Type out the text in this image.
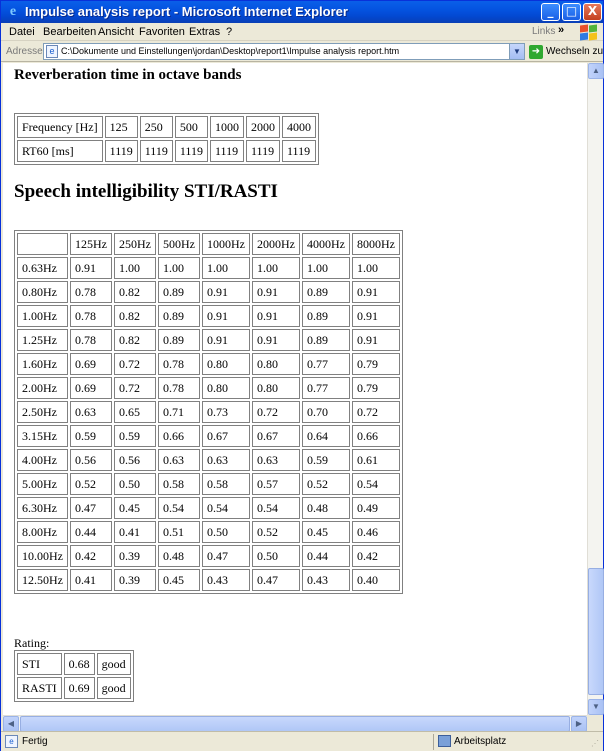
e Impulse analysis report - Microsoft Internet Explorer	_	□ X
Datei Bearbeiten Ansicht Favoriten Extras ?	Links »
Adresse e C:\Dokumente und Einstellungen\jordan\Desktop\report1\Impulse analysis report.htm	▼	➜ Wechseln zu
Reverberation time in octave bands
Frequency [Hz]	125	250	500	1000	2000	4000
RT60 [ms]	1119	1119	1119	1119	1119	1119
Speech intelligibility STI/RASTI
	125Hz	250Hz	500Hz	1000Hz	2000Hz	4000Hz	8000Hz
0.63Hz	0.91	1.00	1.00	1.00	1.00	1.00	1.00
0.80Hz	0.78	0.82	0.89	0.91	0.91	0.89	0.91
1.00Hz	0.78	0.82	0.89	0.91	0.91	0.89	0.91
1.25Hz	0.78	0.82	0.89	0.91	0.91	0.89	0.91
1.60Hz	0.69	0.72	0.78	0.80	0.80	0.77	0.79
2.00Hz	0.69	0.72	0.78	0.80	0.80	0.77	0.79
2.50Hz	0.63	0.65	0.71	0.73	0.72	0.70	0.72
3.15Hz	0.59	0.59	0.66	0.67	0.67	0.64	0.66
4.00Hz	0.56	0.56	0.63	0.63	0.63	0.59	0.61
5.00Hz	0.52	0.50	0.58	0.58	0.57	0.52	0.54
6.30Hz	0.47	0.45	0.54	0.54	0.54	0.48	0.49
8.00Hz	0.44	0.41	0.51	0.50	0.52	0.45	0.46
10.00Hz	0.42	0.39	0.48	0.47	0.50	0.44	0.42
12.50Hz	0.41	0.39	0.45	0.43	0.47	0.43	0.40
Rating:
STI	0.68	good
RASTI	0.69	good
▲
▼
◀	▶
e Fertig	Arbeitsplatz	⋰
